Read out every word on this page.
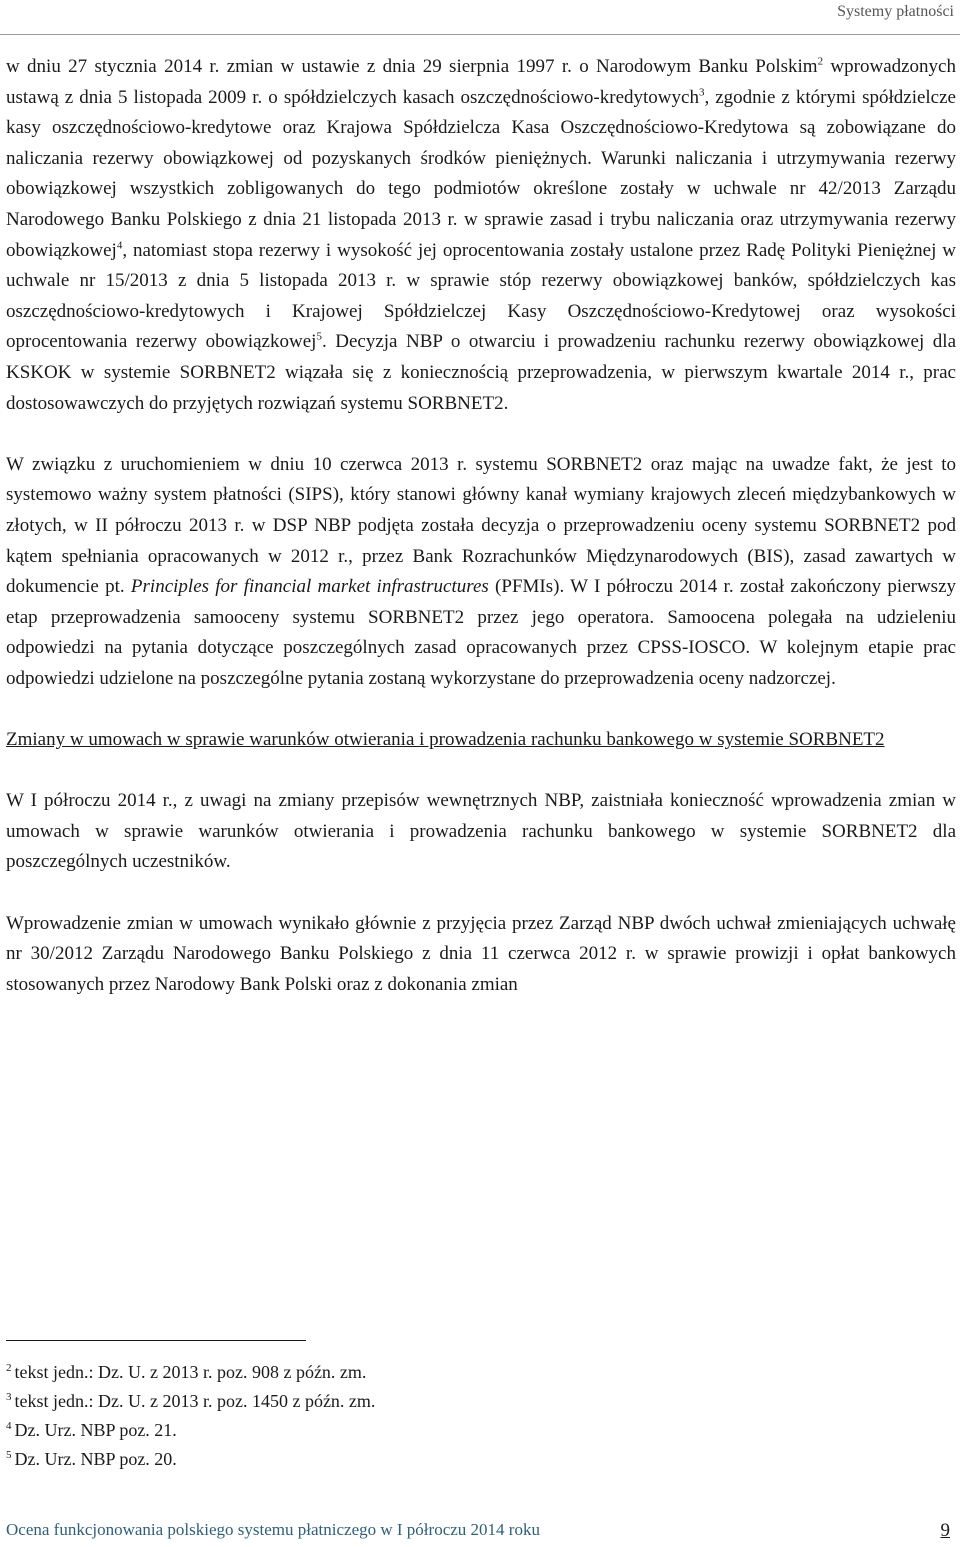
Systemy płatności

w dniu 27 stycznia 2014 r. zmian w ustawie z dnia 29 sierpnia 1997 r. o Narodowym Banku Polskim$^2$ wprowadzonych ustawą z dnia 5 listopada 2009 r. o spółdzielczych kasach oszczędnościowo-kredytowych$^3$, zgodnie z którymi spółdzielcze kasy oszczędnościowo-kredytowe oraz Krajowa Spółdzielcza Kasa Oszczędnościowo-Kredytowa są zobowiązane do naliczania rezerwy obowiązkowej od pozyskanych środków pieniężnych. Warunki naliczania i utrzymywania rezerwy obowiązkowej wszystkich zobligowanych do tego podmiotów określone zostały w uchwale nr 42/2013 Zarządu Narodowego Banku Polskiego z dnia 21 listopada 2013 r. w sprawie zasad i trybu naliczania oraz utrzymywania rezerwy obowiązkowej$^4$, natomiast stopa rezerwy i wysokość jej oprocentowania zostały ustalone przez Radę Polityki Pieniężnej w uchwale nr 15/2013 z dnia 5 listopada 2013 r. w sprawie stóp rezerwy obowiązkowej banków, spółdzielczych kas oszczędnościowo-kredytowych i Krajowej Spółdzielczej Kasy Oszczędnościowo-Kredytowej oraz wysokości oprocentowania rezerwy obowiązkowej$^5$. Decyzja NBP o otwarciu i prowadzeniu rachunku rezerwy obowiązkowej dla KSKOK w systemie SORBNET2 wiązała się z koniecznością przeprowadzenia, w pierwszym kwartale 2014 r., prac dostosowawczych do przyjętych rozwiązań systemu SORBNET2.

W związku z uruchomieniem w dniu 10 czerwca 2013 r. systemu SORBNET2 oraz mając na uwadze fakt, że jest to systemowo ważny system płatności (SIPS), który stanowi główny kanał wymiany krajowych zleceń międzybankowych w złotych, w II półroczu 2013 r. w DSP NBP podjęta została decyzja o przeprowadzeniu oceny systemu SORBNET2 pod kątem spełniania opracowanych w 2012 r., przez Bank Rozrachunków Międzynarodowych (BIS), zasad zawartych w dokumencie pt. Principles for financial market infrastructures (PFMIs). W I półroczu 2014 r. został zakończony pierwszy etap przeprowadzenia samooceny systemu SORBNET2 przez jego operatora. Samoocena polegała na udzieleniu odpowiedzi na pytania dotyczące poszczególnych zasad opracowanych przez CPSS-IOSCO. W kolejnym etapie prac odpowiedzi udzielone na poszczególne pytania zostaną wykorzystane do przeprowadzenia oceny nadzorczej.

Zmiany w umowach w sprawie warunków otwierania i prowadzenia rachunku bankowego w systemie SORBNET2

W I półroczu 2014 r., z uwagi na zmiany przepisów wewnętrznych NBP, zaistniała konieczność wprowadzenia zmian w umowach w sprawie warunków otwierania i prowadzenia rachunku bankowego w systemie SORBNET2 dla poszczególnych uczestników.

Wprowadzenie zmian w umowach wynikało głównie z przyjęcia przez Zarząd NBP dwóch uchwał zmieniających uchwałę nr 30/2012 Zarządu Narodowego Banku Polskiego z dnia 11 czerwca 2012 r. w sprawie prowizji i opłat bankowych stosowanych przez Narodowy Bank Polski oraz z dokonania zmian

$^2$ tekst jedn.: Dz. U. z 2013 r. poz. 908 z późn. zm.

$^3$ tekst jedn.: Dz. U. z 2013 r. poz. 1450 z późn. zm.

$^4$ Dz. Urz. NBP poz. 21.

$^5$ Dz. Urz. NBP poz. 20.

Ocena funkcjonowania polskiego systemu płatniczego w I półroczu 2014 roku	9
